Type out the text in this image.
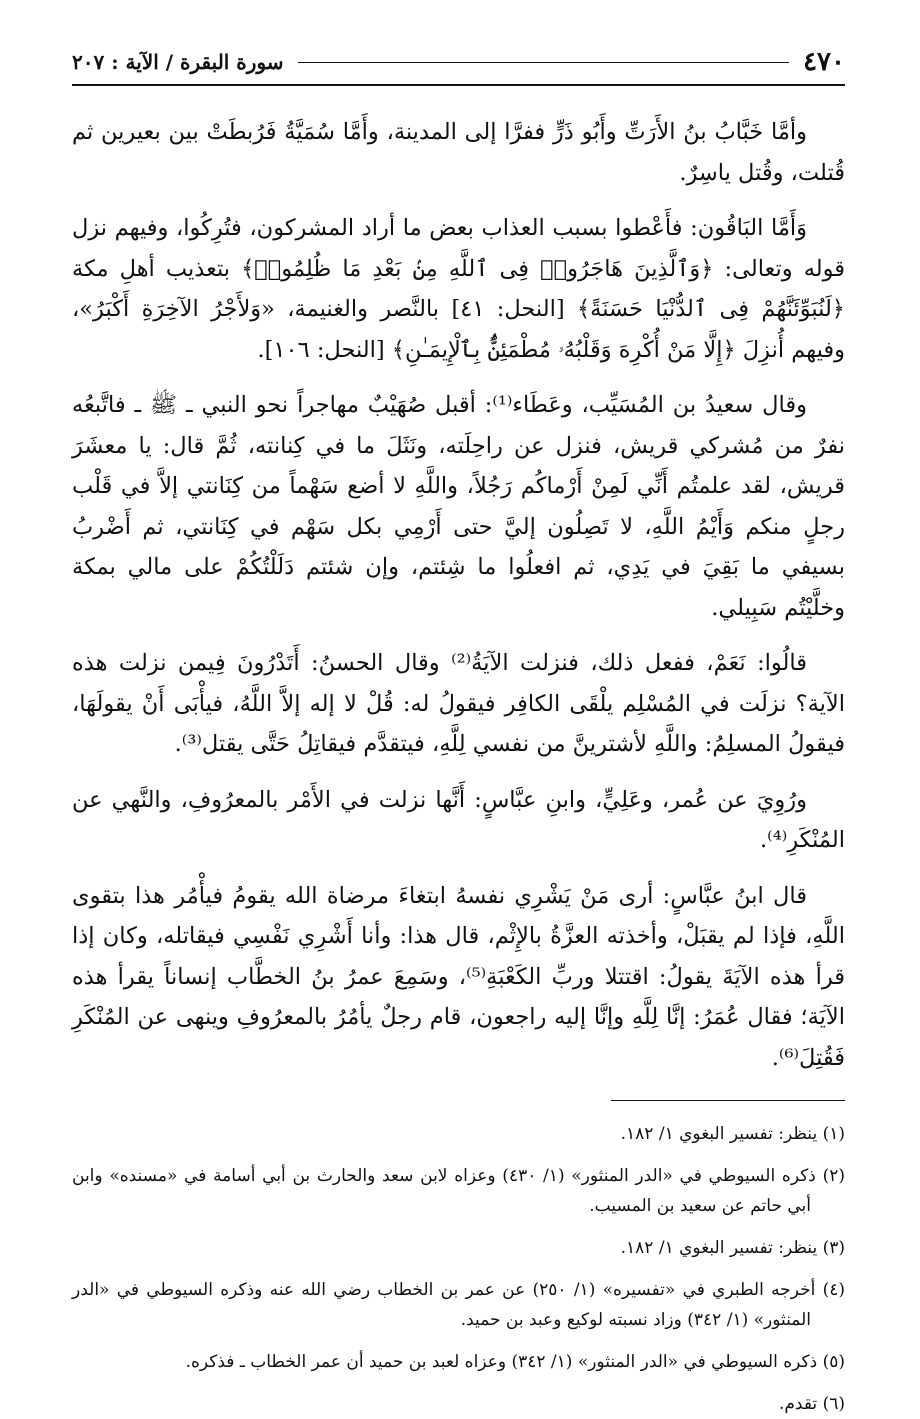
٤٧٠
سورة البقرة / الآية : ٢٠٧

وأمَّا خَبَّابُ بنُ الأَرَتِّ وأَبُو ذَرٍّ ففرَّا إلى المدينة، وأَمَّا سُمَيَّةُ فَرُبطَتْ بين بعيرين ثم قُتلت، وقُتل ياسِرٌ.

وَأَمَّا البَاقُون: فأَعْطوا بسبب العذاب بعض ما أراد المشركون، فتُرِكُوا، وفيهم نزل قوله وتعالى: ﴿وَٱلَّذِينَ هَاجَرُوا۟ فِى ٱللَّهِ مِنۢ بَعْدِ مَا ظُلِمُوا۟﴾ بتعذيب أهلِ مكة ﴿لَنُبَوِّئَنَّهُمْ فِى ٱلدُّنْيَا حَسَنَةً﴾ [النحل: ٤١] بالنَّصر والغنيمة، «وَلأَجْرُ الآخِرَةِ أَكْبَرُ»، وفيهم أُنزِلَ ﴿إِلَّا مَنْ أُكْرِهَ وَقَلْبُهُۥ مُطْمَئِنٌّۢ بِٱلْإِيمَـٰنِ﴾ [النحل: ١٠٦].

وقال سعيدُ بن المُسَيِّب، وعَطَاء⁽¹⁾: أقبل صُهَيْبٌ مهاجراً نحو النبي ـ ﷺ ـ فاتَّبعُه نفرٌ من مُشركي قريش، فنزل عن راحِلَته، ونَثَلَ ما في كِنانته، ثُمَّ قال: يا معشَرَ قريش، لقد علمتُم أَنِّي لَمِنْ أَرْماكُم رَجُلاً، واللَّهِ لا أضع سَهْماً من كِنَانتي إلاَّ في قَلْب رجلٍ منكم وَأَيْمُ اللَّهِ، لا تَصِلُون إليَّ حتى أَرْمِي بكل سَهْم في كِنَانتي، ثم أَضْربُ بسيفي ما بَقِيَ في يَدِي، ثم افعلُوا ما شِئتم، وإن شئتم دَلَلْتُكُمْ على مالي بمكة وخلَّيْتُم سَبِيلي.

قالُوا: نَعَمْ، ففعل ذلك، فنزلت الآيَةُ⁽²⁾ وقال الحسنُ: أَتَدْرُونَ فِيمن نزلت هذه الآية؟ نزلَت في المُسْلِم يلْقَى الكافِر فيقولُ له: قُلْ لا إله إلاَّ اللَّهُ، فيأْبَى أَنْ يقولَهَا، فيقولُ المسلِمُ: واللَّهِ لأشترينَّ من نفسي لِلَّهِ، فيتقدَّم فيقاتِلُ حَتَّى يقتل⁽³⁾.

ورُوِيَ عن عُمر، وعَلِيٍّ، وابنِ عبَّاسٍ: أَنَّها نزلت في الأَمْر بالمعرُوفِ، والنَّهي عن المُنْكَرِ⁽⁴⁾.

قال ابنُ عبَّاسٍ: أرى مَنْ يَشْرِي نفسهُ ابتغاءَ مرضاة الله يقومُ فيأْمُر هذا بتقوى اللَّهِ، فإذا لم يقبَلْ، وأخذته العزَّةُ بالإِثْم، قال هذا: وأنا أَشْرِي نَفْسِي فيقاتله، وكان إذا قرأ هذه الآيَةَ يقولُ: اقتتلا وربِّ الكَعْبَةِ⁽⁵⁾، وسَمِعَ عمرُ بنُ الخطَّاب إنساناً يقرأ هذه الآيَة؛ فقال عُمَرُ: إنَّا لِلَّهِ وإنَّا إليه راجعون، قام رجلٌ يأمُرُ بالمعرُوفِ وينهى عن المُنْكَرِ فَقُتِلَ⁽⁶⁾.

(١) ينظر: تفسير البغوي ١/ ١٨٢.

(٢) ذكره السيوطي في «الدر المنثور» (١/ ٤٣٠) وعزاه لابن سعد والحارث بن أبي أسامة في «مسنده» وابن أبي حاتم عن سعيد بن المسيب.

(٣) ينظر: تفسير البغوي ١/ ١٨٢.

(٤) أخرجه الطبري في «تفسيره» (١/ ٢٥٠) عن عمر بن الخطاب رضي الله عنه وذكره السيوطي في «الدر المنثور» (١/ ٣٤٢) وزاد نسبته لوكيع وعبد بن حميد.

(٥) ذكره السيوطي في «الدر المنثور» (١/ ٣٤٢) وعزاه لعبد بن حميد أن عمر الخطاب ـ فذكره.

(٦) تقدم.
